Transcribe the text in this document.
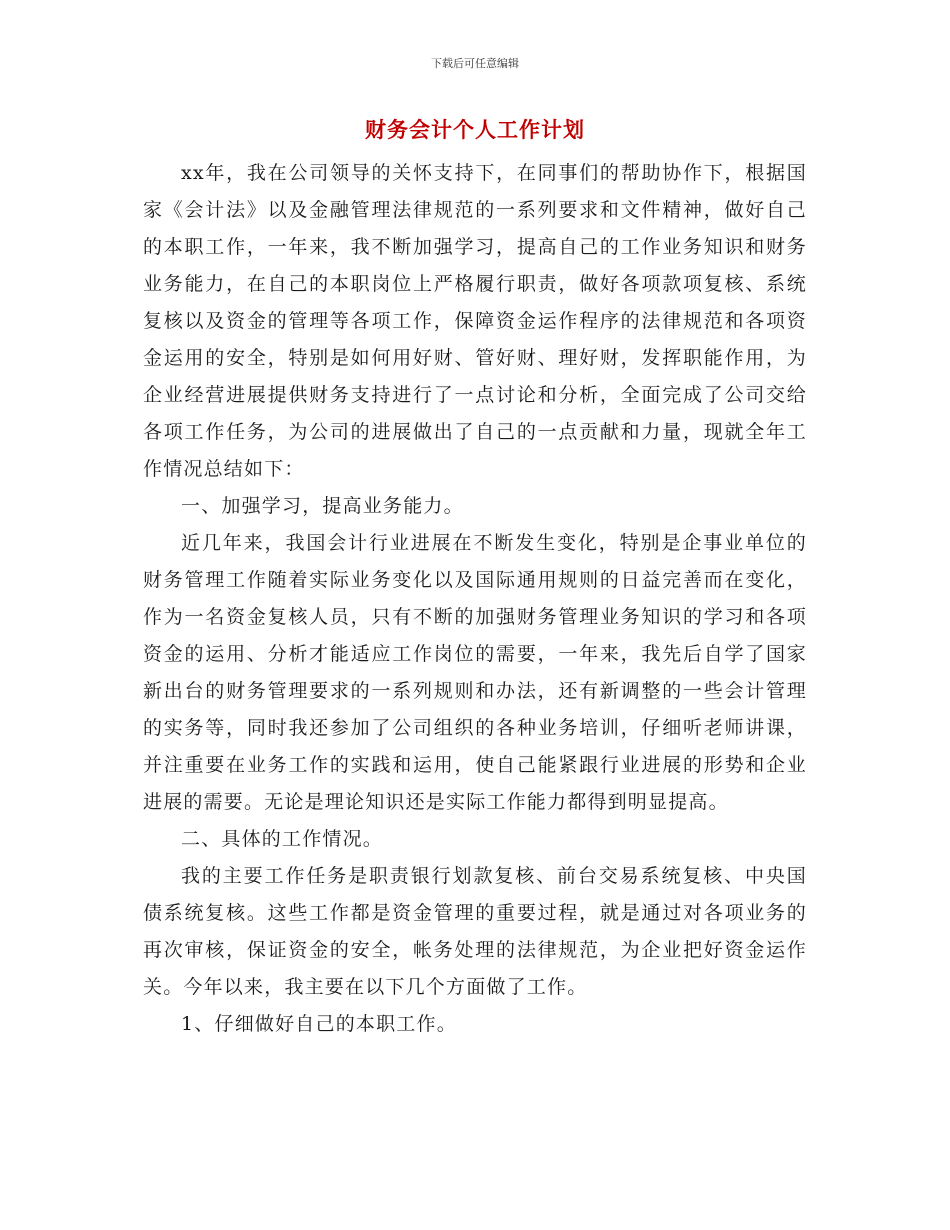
下载后可任意编辑
财务会计个人工作计划

xx年，我在公司领导的关怀支持下，在同事们的帮助协作下，根据国家《会计法》以及金融管理法律规范的一系列要求和文件精神，做好自己的本职工作，一年来，我不断加强学习，提高自己的工作业务知识和财务业务能力，在自己的本职岗位上严格履行职责，做好各项款项复核、系统复核以及资金的管理等各项工作，保障资金运作程序的法律规范和各项资金运用的安全，特别是如何用好财、管好财、理好财，发挥职能作用，为企业经营进展提供财务支持进行了一点讨论和分析，全面完成了公司交给各项工作任务，为公司的进展做出了自己的一点贡献和力量，现就全年工作情况总结如下：

一、加强学习，提高业务能力。

近几年来，我国会计行业进展在不断发生变化，特别是企事业单位的财务管理工作随着实际业务变化以及国际通用规则的日益完善而在变化，作为一名资金复核人员，只有不断的加强财务管理业务知识的学习和各项资金的运用、分析才能适应工作岗位的需要，一年来，我先后自学了国家新出台的财务管理要求的一系列规则和办法，还有新调整的一些会计管理的实务等，同时我还参加了公司组织的各种业务培训，仔细听老师讲课，并注重要在业务工作的实践和运用，使自己能紧跟行业进展的形势和企业进展的需要。无论是理论知识还是实际工作能力都得到明显提高。

二、具体的工作情况。

我的主要工作任务是职责银行划款复核、前台交易系统复核、中央国债系统复核。这些工作都是资金管理的重要过程，就是通过对各项业务的再次审核，保证资金的安全，帐务处理的法律规范，为企业把好资金运作关。今年以来，我主要在以下几个方面做了工作。

1、仔细做好自己的本职工作。
